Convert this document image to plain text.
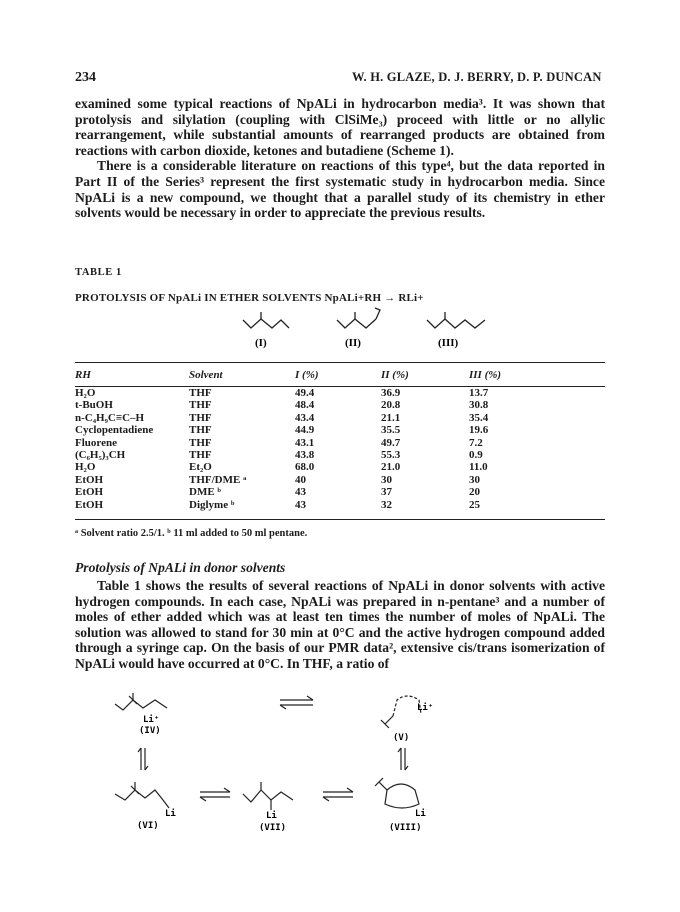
234	W. H. GLAZE, D. J. BERRY, D. P. DUNCAN

examined some typical reactions of NpALi in hydrocarbon media³. It was shown that protolysis and silylation (coupling with ClSiMe₃) proceed with little or no allylic rearrangement, while substantial amounts of rearranged products are obtained from reactions with carbon dioxide, ketones and butadiene (Scheme 1).

There is a considerable literature on reactions of this type⁴, but the data reported in Part II of the Series³ represent the first systematic study in hydrocarbon media. Since NpALi is a new compound, we thought that a parallel study of its chemistry in ether solvents would be necessary in order to appreciate the previous results.

TABLE 1
PROTOLYSIS OF NpALi IN ETHER SOLVENTS NpALi+RH → RLi+
(I)	(II)	(III)
RH	Solvent	I (%)	II (%)	III (%)
H₂O	THF	49.4	36.9	13.7
t-BuOH	THF	48.4	20.8	30.8
n-C₄H₉C≡C–H	THF	43.4	21.1	35.4
Cyclopentadiene	THF	44.9	35.5	19.6
Fluorene	THF	43.1	49.7	7.2
(C₆H₅)₃CH	THF	43.8	55.3	0.9
H₂O	Et₂O	68.0	21.0	11.0
EtOH	THF/DME ᵃ	40	30	30
EtOH	DME ᵇ	43	37	20
EtOH	Diglyme ᵇ	43	32	25
ᵃ Solvent ratio 2.5/1. ᵇ 11 ml added to 50 ml pentane.
Protolysis of NpALi in donor solvents

Table 1 shows the results of several reactions of NpALi in donor solvents with active hydrogen compounds. In each case, NpALi was prepared in n-pentane³ and a number of moles of ether added which was at least ten times the number of moles of NpALi. The solution was allowed to stand for 30 min at 0°C and the active hydrogen compound added through a syringe cap. On the basis of our PMR data², extensive cis/trans isomerization of NpALi would have occurred at 0°C. In THF, a ratio of

Li⁺
(IV)
Li⁺
(V)
Li
(VI)
Li
(VII)
Li
(VIII)
